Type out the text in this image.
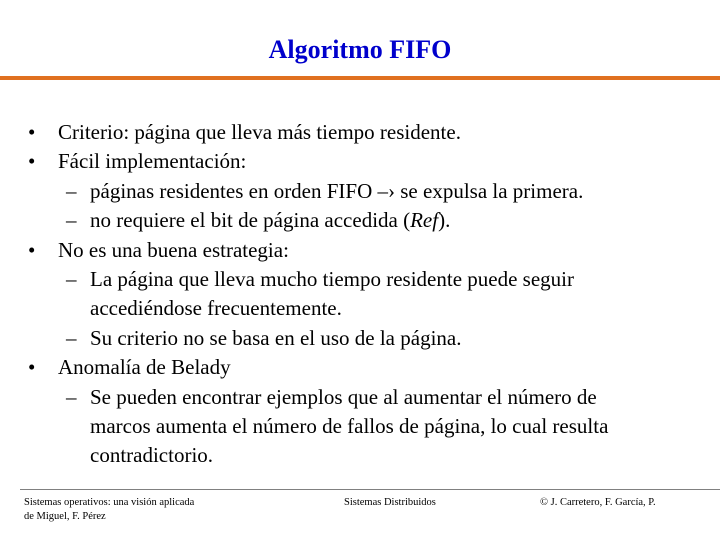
Algoritmo FIFO
• Criterio: página que lleva más tiempo residente.
• Fácil implementación:
– páginas residentes en orden FIFO –› se expulsa la primera.
– no requiere el bit de página accedida (Ref).
• No es una buena estrategia:
– La página que lleva mucho tiempo residente puede seguir
accediéndose frecuentemente.
– Su criterio no se basa en el uso de la página.
• Anomalía de Belady
– Se pueden encontrar ejemplos que al aumentar el número de
marcos aumenta el número de fallos de página, lo cual resulta
contradictorio.
Sistemas operativos: una visión aplicada
de Miguel, F. Pérez
Sistemas Distribuidos	© J. Carretero, F. García, P.
